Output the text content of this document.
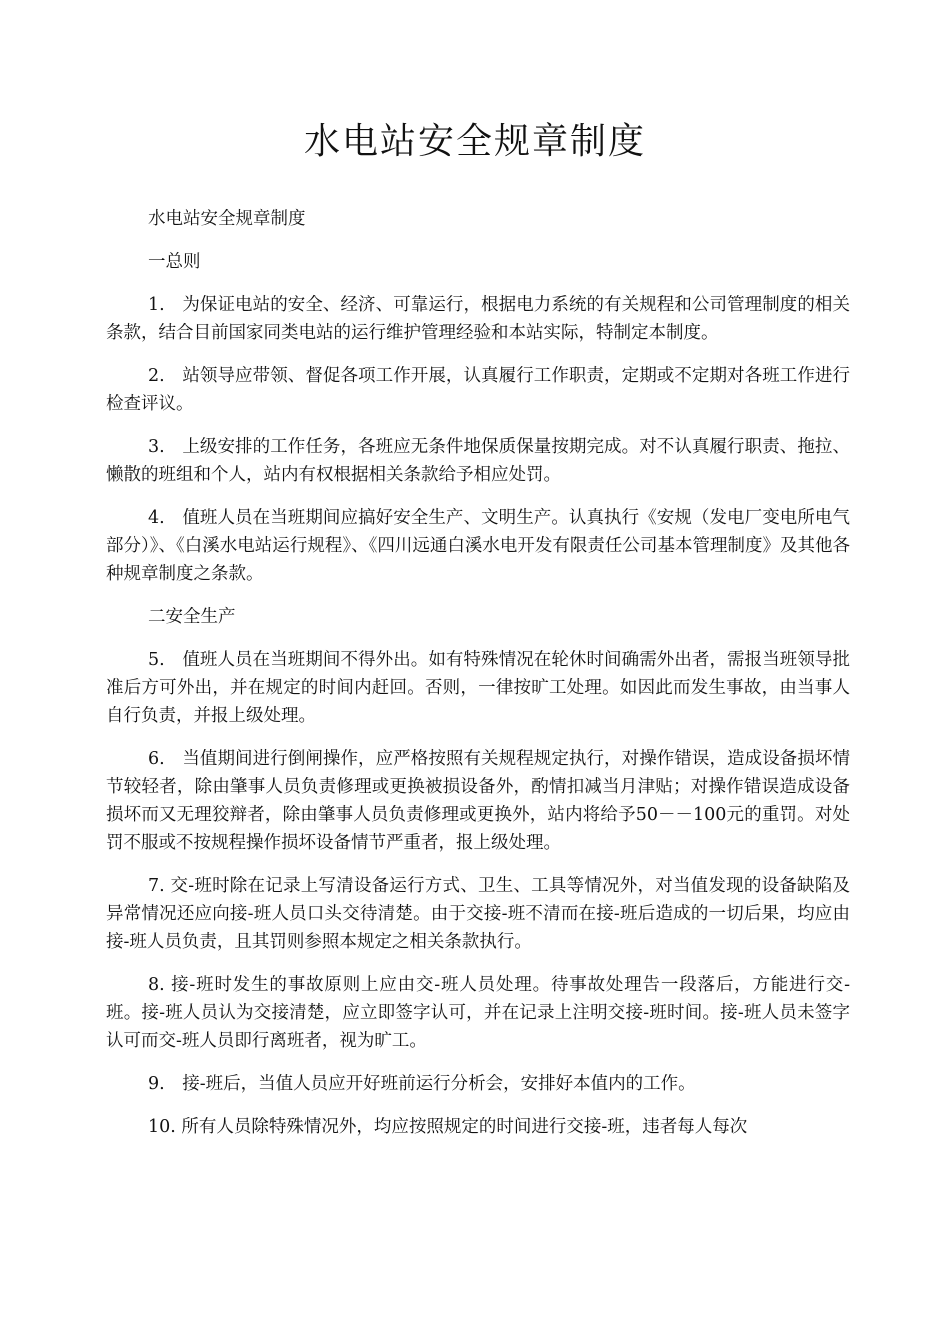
水电站安全规章制度

水电站安全规章制度

一总则

1.　为保证电站的安全、经济、可靠运行，根据电力系统的有关规程和公司管理制度的相关条款，结合目前国家同类电站的运行维护管理经验和本站实际，特制定本制度。

2.　站领导应带领、督促各项工作开展，认真履行工作职责，定期或不定期对各班工作进行检查评议。

3.　上级安排的工作任务，各班应无条件地保质保量按期完成。对不认真履行职责、拖拉、懒散的班组和个人，站内有权根据相关条款给予相应处罚。

4.　值班人员在当班期间应搞好安全生产、文明生产。认真执行《安规（发电厂变电所电气部分）》、《白溪水电站运行规程》、《四川远通白溪水电开发有限责任公司基本管理制度》及其他各种规章制度之条款。

二安全生产

5.　值班人员在当班期间不得外出。如有特殊情况在轮休时间确需外出者，需报当班领导批准后方可外出，并在规定的时间内赶回。否则，一律按旷工处理。如因此而发生事故，由当事人自行负责，并报上级处理。

6.　当值期间进行倒闸操作，应严格按照有关规程规定执行，对操作错误，造成设备损坏情节较轻者，除由肇事人员负责修理或更换被损设备外，酌情扣减当月津贴；对操作错误造成设备损坏而又无理狡辩者，除由肇事人员负责修理或更换外，站内将给予50－－100元的重罚。对处罚不服或不按规程操作损坏设备情节严重者，报上级处理。

7. 交-班时除在记录上写清设备运行方式、卫生、工具等情况外，对当值发现的设备缺陷及异常情况还应向接-班人员口头交待清楚。由于交接-班不清而在接-班后造成的一切后果，均应由接-班人员负责，且其罚则参照本规定之相关条款执行。

8. 接-班时发生的事故原则上应由交-班人员处理。待事故处理告一段落后，方能进行交-班。接-班人员认为交接清楚，应立即签字认可，并在记录上注明交接-班时间。接-班人员未签字认可而交-班人员即行离班者，视为旷工。

9.　接-班后，当值人员应开好班前运行分析会，安排好本值内的工作。

10. 所有人员除特殊情况外，均应按照规定的时间进行交接-班，违者每人每次
